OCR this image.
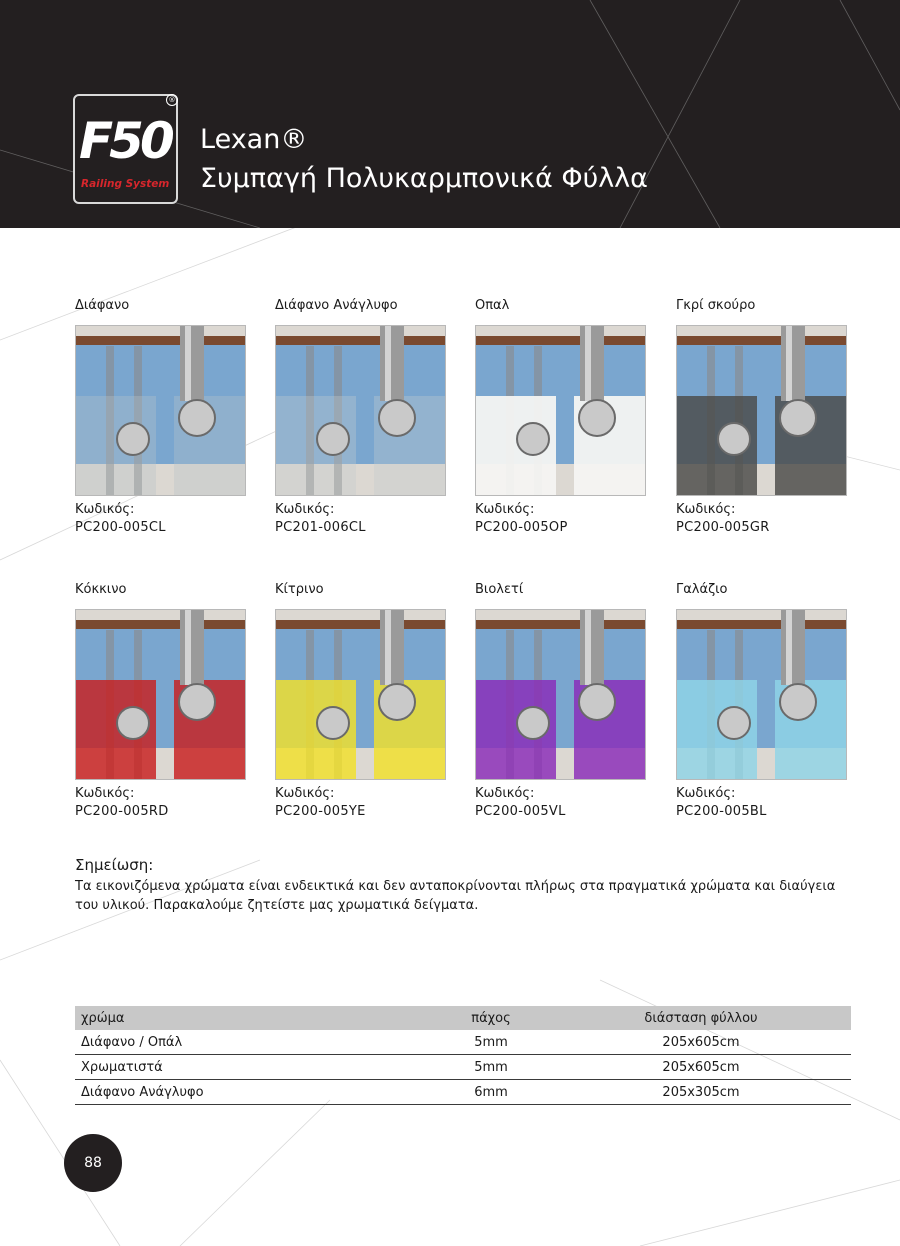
®
F50
Railing System
Lexan®
Συμπαγή Πολυκαρμπονικά Φύλλα
Διάφανο
Κωδικός:
PC200-005CL
Διάφανο Ανάγλυφο
Κωδικός:
PC201-006CL
Οπαλ
Κωδικός:
PC200-005OP
Γκρί σκούρο
Κωδικός:
PC200-005GR
Κόκκινο
Κωδικός:
PC200-005RD
Κίτρινο
Κωδικός:
PC200-005YE
Βιολετί
Κωδικός:
PC200-005VL
Γαλάζιο
Κωδικός:
PC200-005BL
Σημείωση:
Τα εικονιζόμενα χρώματα είναι ενδεικτικά και δεν ανταποκρίνονται πλήρως στα πραγματικά χρώματα και διαύγεια του υλικού. Παρακαλούμε ζητείστε μας χρωματικά δείγματα.
χρώμα	πάχος	διάσταση φύλλου
Διάφανο / Οπάλ	5mm	205x605cm
Χρωματιστά	5mm	205x605cm
Διάφανο Ανάγλυφο	6mm	205x305cm
88
